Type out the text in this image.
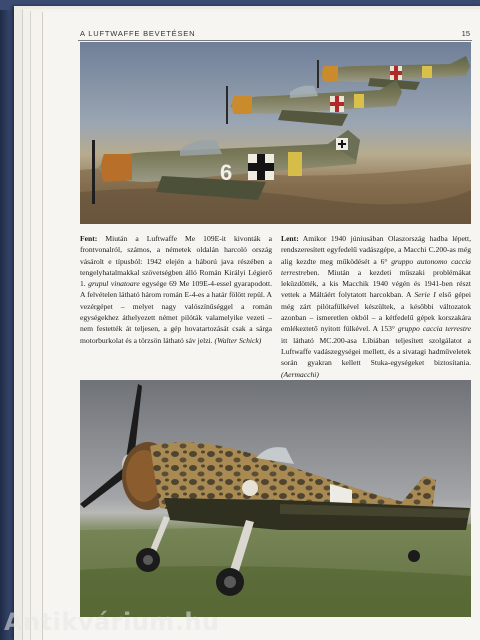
A LUFTWAFFE BEVETÉSEN	15
6
Fent: Miután a Luftwaffe Me 109E-it kivonták a frontvonalról, számos, a németek oldalán harcoló ország vásárolt e típusból: 1942 elején a háború java részében a tengelyhatalmakkal szövetségben álló Román Királyi Légierő 1. grupul vinatoare egysége 69 Me 109E-4-essel gyarapodott. A felvételen látható három román E-4-es a határ fölött repül. A vezérgépet – melyet nagy valószínűséggel a román egységekhez áthelyezett német pilóták valamelyike vezeti – nem festették át teljesen, a gép hovatartozását csak a sárga motorburkolat és a törzsön látható sáv jelzi. (Walter Schick)
Lent: Amikor 1940 júniusában Olaszország hadba lépett, rendszeresített egyfedelű vadászgépe, a Macchi C.200-as még alig kezdte meg működését a 6° gruppo autonomo caccia terrestreben. Miután a kezdeti műszaki problémákat leküzdötték, a kis Macchik 1940 végén és 1941-ben részt vettek a Máltáért folytatott harcokban. A Serie I első gépei még zárt pilótafülkével készültek, a későbbi változatok azonban – ismeretlen okból – a kétfedelű gépek korszakára emlékeztető nyitott fülkével. A 153° gruppo caccia terrestre itt látható MC.200-asa Líbiában teljesített szolgálatot a Luftwaffe vadászegységei mellett, és a sivatagi hadműveletek során gyakran kellett Stuka-egységeket biztosítania. (Aermacchi)
Antikvárium.hu
